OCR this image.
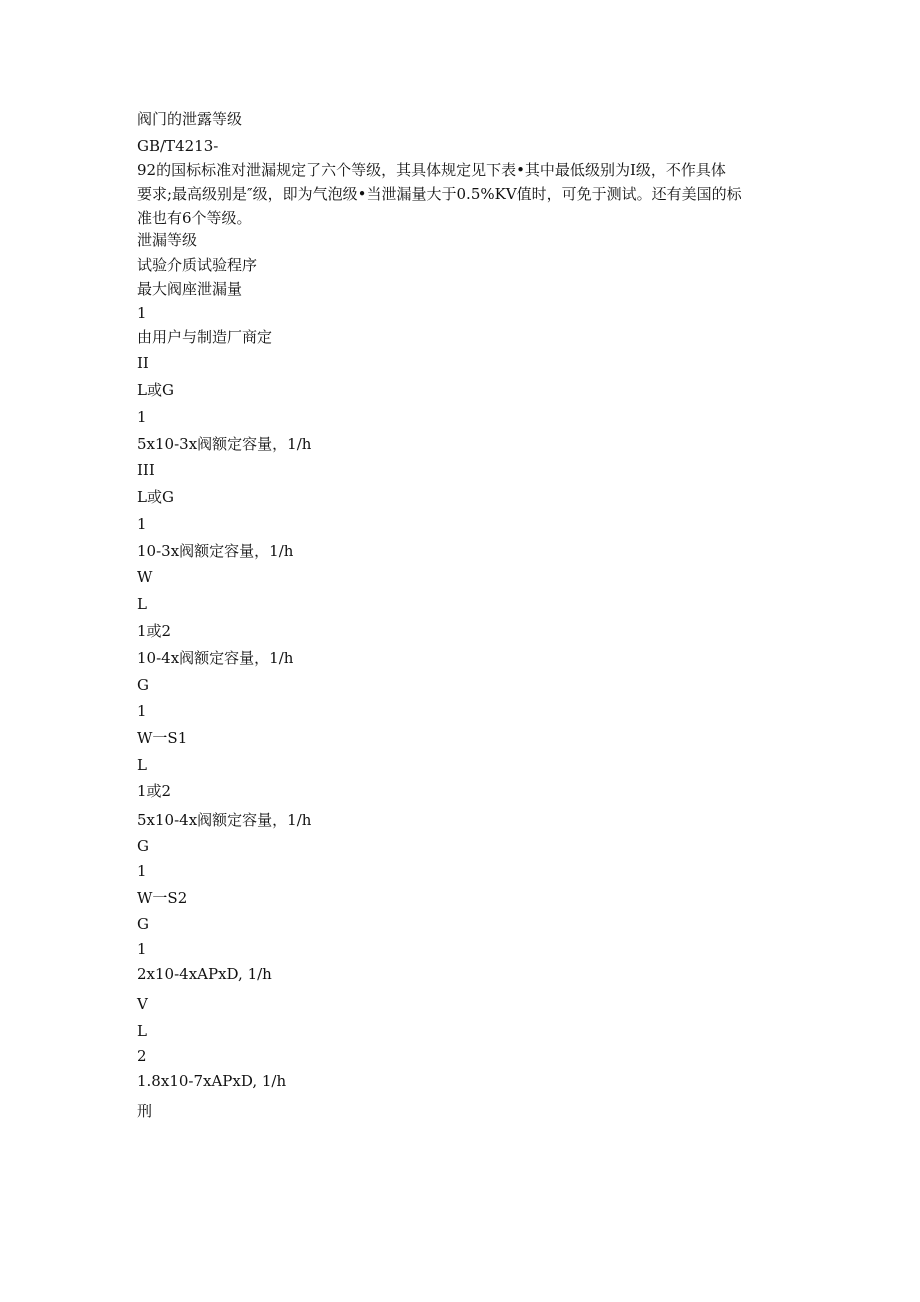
阀门的泄露等级
GB/T4213-
92的国标标准对泄漏规定了六个等级，其具体规定见下表•其中最低级别为I级，不作具体
要求;最高级别是″级，即为气泡级•当泄漏量大于0.5%KV值时，可免于测试。还有美国的标
准也有6个等级。
泄漏等级
试验介质试验程序
最大阀座泄漏量
1
由用户与制造厂商定
II
L或G
1
5x10-3x阀额定容量，1/h
III
L或G
1
10-3x阀额定容量，1/h
W
L
1或2
10-4x阀额定容量，1/h
G
1
W一S1
L
1或2
5x10-4x阀额定容量，1/h
G
1
W一S2
G
1
2x10-4xAPxD, 1/h
V
L
2
1.8x10-7xAPxD, 1/h
刑
